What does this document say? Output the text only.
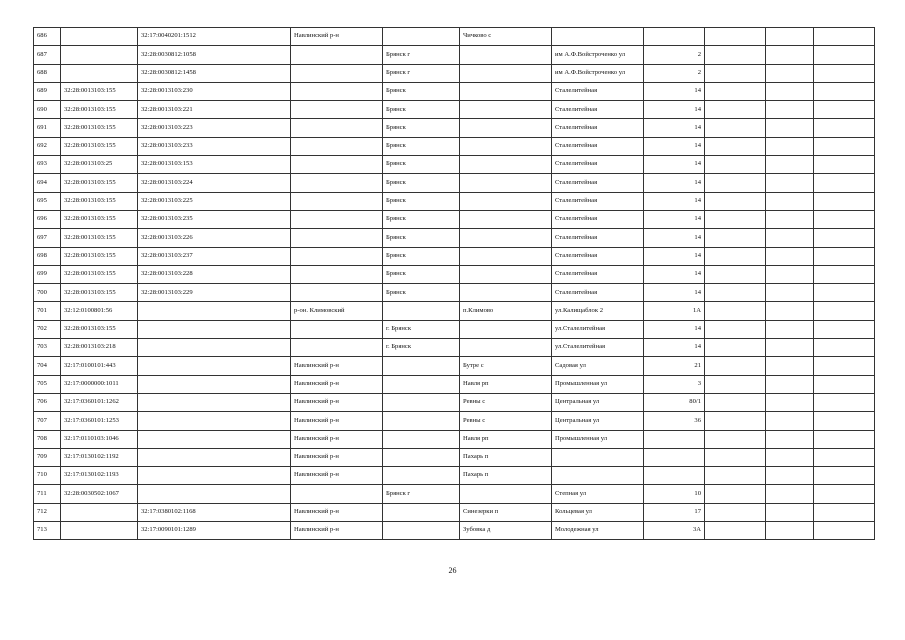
686		32:17:0040201:1512	Навлинский р-н		Чичково с					
687		32:28:0030812:1058		Брянск г		им А.Ф.Войстроченко ул	2			
688		32:28:0030812:1458		Брянск г		им А.Ф.Войстроченко ул	2			
689	32:28:0013103:155	32:28:0013103:230		Брянск		Сталелитейная	14			
690	32:28:0013103:155	32:28:0013103:221		Брянск		Сталелитейная	14			
691	32:28:0013103:155	32:28:0013103:223		Брянск		Сталелитейная	14			
692	32:28:0013103:155	32:28:0013103:233		Брянск		Сталелитейная	14			
693	32:28:0013103:25	32:28:0013103:153		Брянск		Сталелитейная	14			
694	32:28:0013103:155	32:28:0013103:224		Брянск		Сталелитейная	14			
695	32:28:0013103:155	32:28:0013103:225		Брянск		Сталелитейная	14			
696	32:28:0013103:155	32:28:0013103:235		Брянск		Сталелитейная	14			
697	32:28:0013103:155	32:28:0013103:226		Брянск		Сталелитейная	14			
698	32:28:0013103:155	32:28:0013103:237		Брянск		Сталелитейная	14			
699	32:28:0013103:155	32:28:0013103:228		Брянск		Сталелитейная	14			
700	32:28:0013103:155	32:28:0013103:229		Брянск		Сталелитейная	14			
701	32:12:0100801:56		р-он. Климовский		п.Климово	ул.Калищаблок 2	1А			
702	32:28:0013103:155			г. Брянск		ул.Сталелитейная	14			
703	32:28:0013103:218			г. Брянск		ул.Сталелитейная	14			
704	32:17:0100101:443		Навлинский р-н		Бутре с	Садовая ул	21			
705	32:17:0000000:1011		Навлинский р-н		Навля рп	Промышленная ул	3			
706	32:17:0360101:1262		Навлинский р-н		Ревны с	Центральная ул	80/1			
707	32:17:0360101:1253		Навлинский р-н		Ревны с	Центральная ул	36			
708	32:17:0110103:1046		Навлинский р-н		Навля рп	Промышленная ул				
709	32:17:0130102:1192		Навлинский р-н		Пахарь п					
710	32:17:0130102:1193		Навлинский р-н		Пахарь п					
711	32:28:0030502:1067			Брянск г		Степная ул	10			
712		32:17:0380102:1168	Навлинский р-н		Синезерки п	Кольцевая ул	17			
713		32:17:0090101:1289	Навлинский р-н		Зубовка д	Молодежная ул	3А			
26
